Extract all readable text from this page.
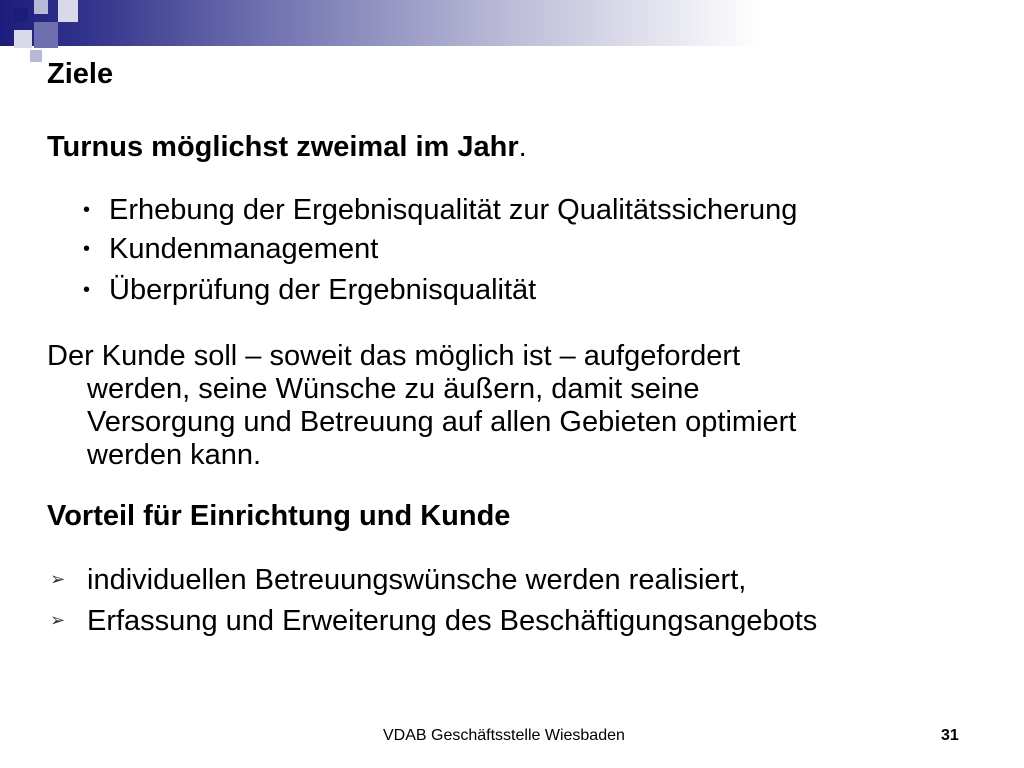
Ziele
Turnus möglichst zweimal im Jahr.
• Erhebung der Ergebnisqualität zur Qualitätssicherung
• Kundenmanagement
• Überprüfung der Ergebnisqualität
Der Kunde soll – soweit das möglich ist – aufgefordert
werden, seine Wünsche zu äußern, damit seine
Versorgung und Betreuung auf allen Gebieten optimiert
werden kann.
Vorteil für Einrichtung und Kunde
➢ individuellen Betreuungswünsche werden realisiert,
➢ Erfassung und Erweiterung des Beschäftigungsangebots
VDAB Geschäftsstelle Wiesbaden	31
